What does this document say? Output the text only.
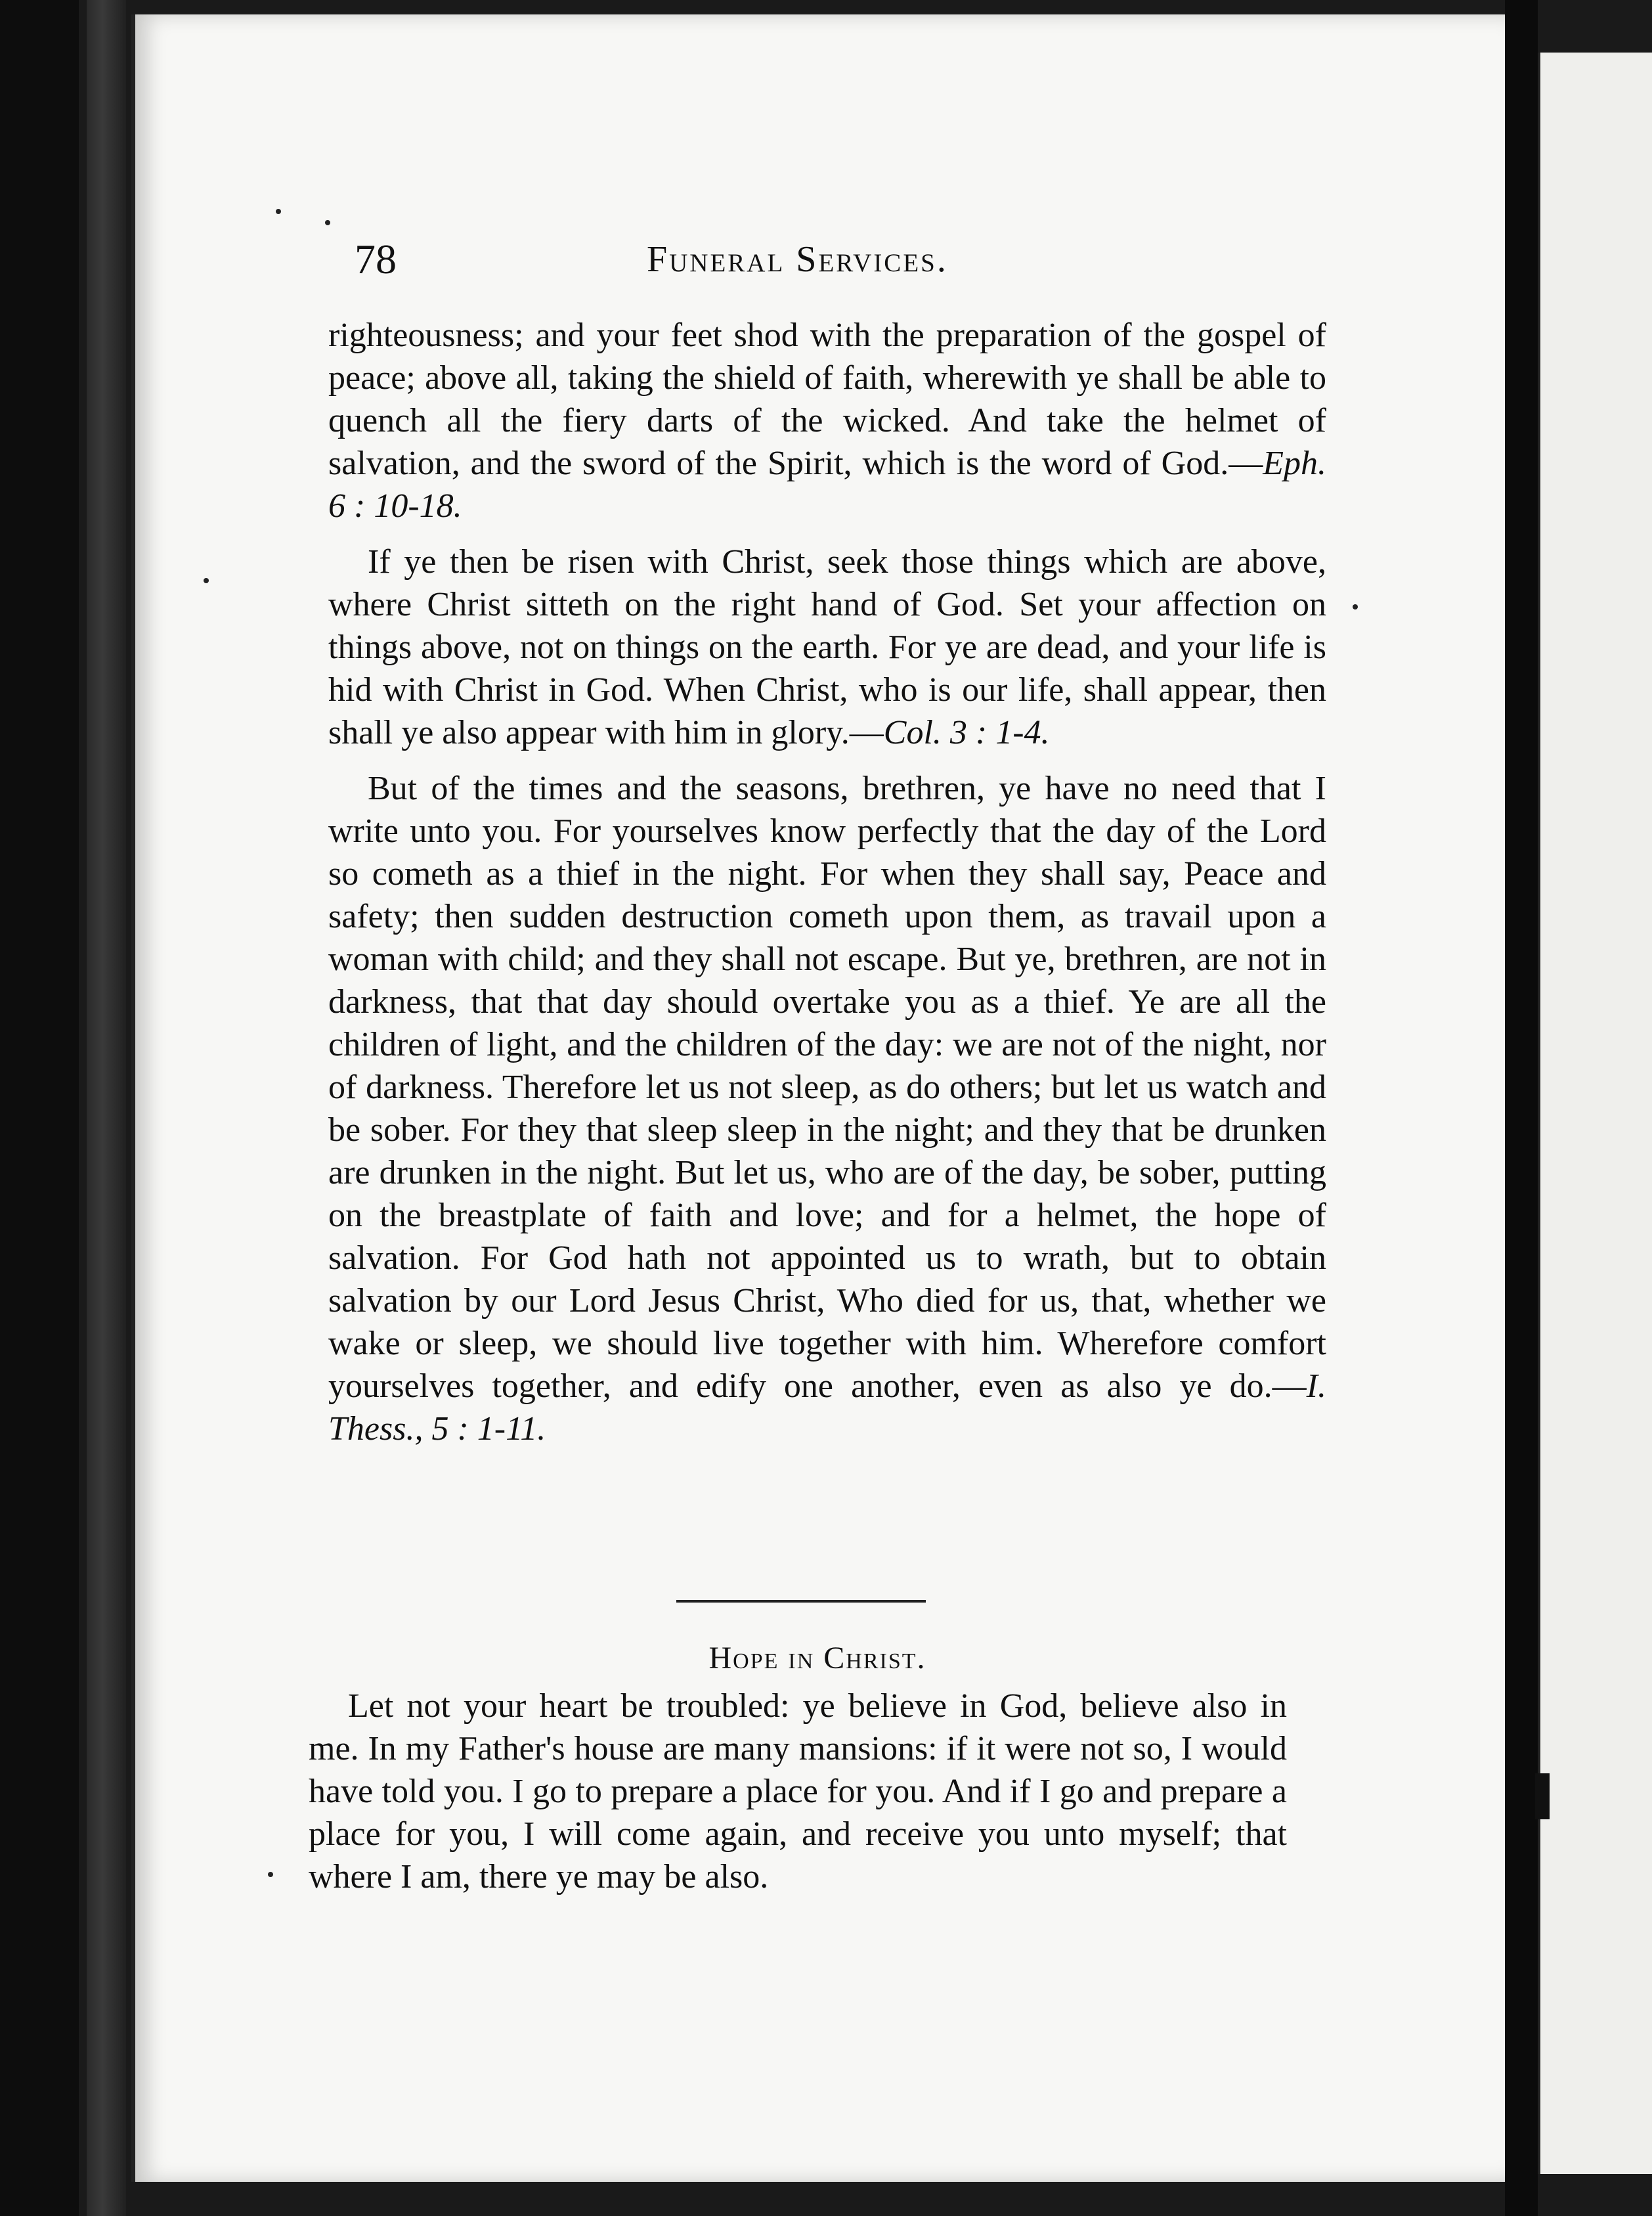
78	Funeral Services.

righteousness; and your feet shod with the preparation of the gospel of peace; above all, taking the shield of faith, wherewith ye shall be able to quench all the fiery darts of the wicked. And take the helmet of salvation, and the sword of the Spirit, which is the word of God.—Eph. 6 : 10-18.

If ye then be risen with Christ, seek those things which are above, where Christ sitteth on the right hand of God. Set your affection on things above, not on things on the earth. For ye are dead, and your life is hid with Christ in God. When Christ, who is our life, shall appear, then shall ye also appear with him in glory.—Col. 3 : 1-4.

But of the times and the seasons, brethren, ye have no need that I write unto you. For yourselves know perfectly that the day of the Lord so cometh as a thief in the night. For when they shall say, Peace and safety; then sudden destruction cometh upon them, as travail upon a woman with child; and they shall not escape. But ye, brethren, are not in darkness, that that day should overtake you as a thief. Ye are all the children of light, and the children of the day: we are not of the night, nor of darkness. Therefore let us not sleep, as do others; but let us watch and be sober. For they that sleep sleep in the night; and they that be drunken are drunken in the night. But let us, who are of the day, be sober, putting on the breastplate of faith and love; and for a helmet, the hope of salvation. For God hath not appointed us to wrath, but to obtain salvation by our Lord Jesus Christ, Who died for us, that, whether we wake or sleep, we should live together with him. Wherefore comfort yourselves together, and edify one another, even as also ye do.—I. Thess., 5 : 1-11.

Hope in Christ.
Let not your heart be troubled: ye believe in God, believe also in me. In my Father's house are many mansions: if it were not so, I would have told you. I go to prepare a place for you. And if I go and prepare a place for you, I will come again, and receive you unto myself; that where I am, there ye may be also.
